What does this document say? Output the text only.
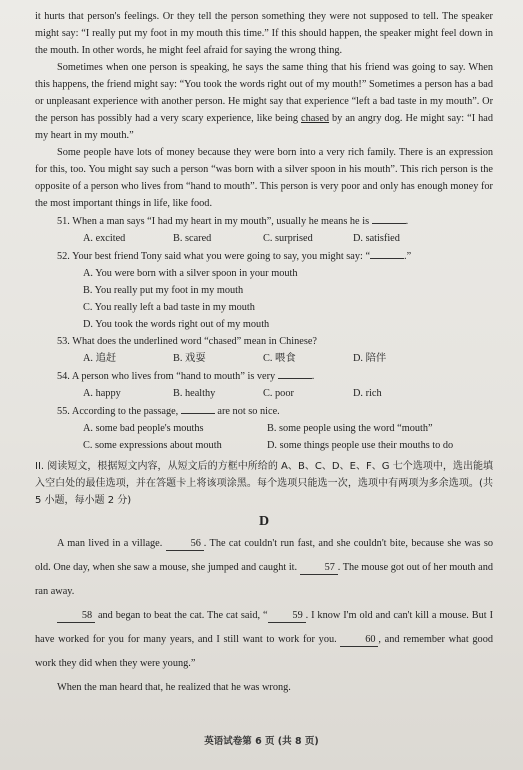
it hurts that person's feelings. Or they tell the person something they were not supposed to tell. The speaker might say: “I really put my foot in my mouth this time.” If this should happen, the speaker might feel down in the mouth. In other words, he might feel afraid for saying the wrong thing.

Sometimes when one person is speaking, he says the same thing that his friend was going to say. When this happens, the friend might say: “You took the words right out of my mouth!” Sometimes a person has a bad or unpleasant experience with another person. He might say that experience “left a bad taste in my mouth”. Or the person has possibly had a very scary experience, like being chased by an angry dog. He might say: “I had my heart in my mouth.”

Some people have lots of money because they were born into a very rich family. There is an expression for this, too. You might say such a person “was born with a silver spoon in his mouth”. This rich person is the opposite of a person who lives from “hand to mouth”. This person is very poor and only has enough money for the most important things in life, like food.

51. When a man says “I had my heart in my mouth”, usually he means he is	.

A. excited	B. scared	C. surprised	D. satisfied

52. Your best friend Tony said what you were going to say, you might say: “	.”

A. You were born with a silver spoon in your mouth

B. You really put my foot in my mouth

C. You really left a bad taste in my mouth

D. You took the words right out of my mouth

53. What does the underlined word “chased” mean in Chinese?

A. 追赶	B. 戏耍	C. 喂食	D. 陪伴

54. A person who lives from “hand to mouth” is very	.

A. happy	B. healthy	C. poor	D. rich

55. According to the passage,	are not so nice.

A. some bad people's mouths	B. some people using the word “mouth”
C. some expressions about mouth	D. some things people use their mouths to do

II. 阅读短文，根据短文内容，从短文后的方框中所给的 A、B、C、D、E、F、G 七个选项中，选出能填入空白处的最佳选项，并在答题卡上将该项涂黑。每个选项只能选一次，选项中有两项为多余选项。(共 5 小题，每小题 2 分)

D

A man lived in a village.	56 . The cat couldn't run fast, and she couldn't bite, because she was so old. One day, when she saw a mouse, she jumped and caught it.	57 . The mouse got out of her mouth and ran away.

58 and began to beat the cat. The cat said, “ 59 . I know I'm old and can't kill a mouse. But I have worked for you for many years, and I still want to work for you.	60 , and remember what good work they did when they were young.”

When the man heard that, he realized that he was wrong.

英语试卷第 6 页 (共 8 页)
